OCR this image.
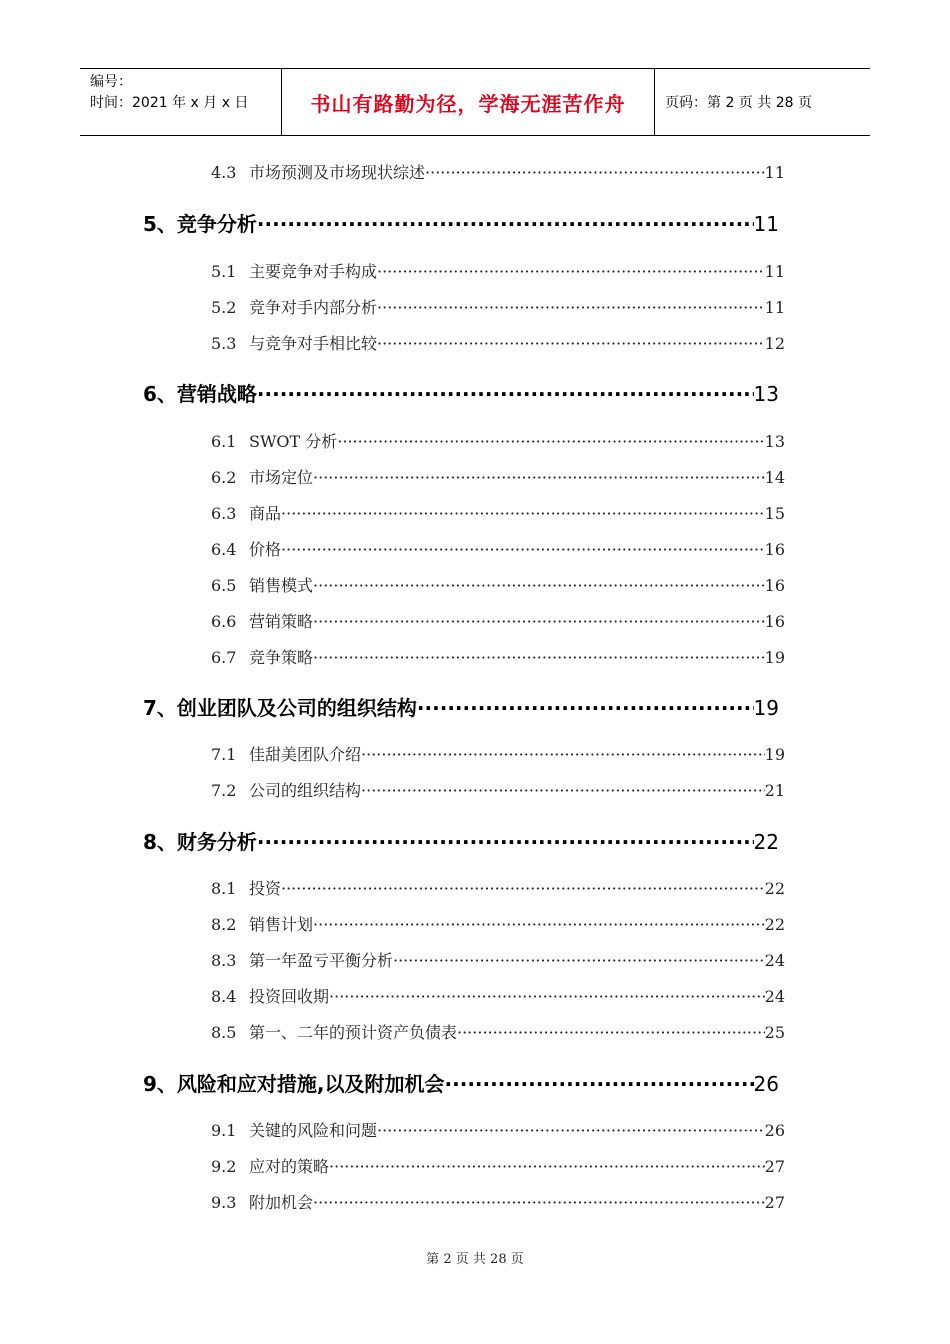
编号：
时间：2021 年 x 月 x 日	书山有路勤为径，学海无涯苦作舟	页码：第 2 页 共 28 页
4.3 市场预测及市场现状综述 ·····	11
5、 竞争分析 ·····	11
5.1 主要竞争对手构成 ·····	11
5.2 竞争对手内部分析 ·····	11
5.3 与竞争对手相比较 ·····	12
6、 营销战略 ·····	13
6.1 SWOT 分析 ·····	13
6.2 市场定位 ·····	14
6.3 商品 ·····	15
6.4 价格 ·····	16
6.5 销售模式 ·····	16
6.6 营销策略 ·····	16
6.7 竞争策略 ·····	19
7、 创业团队及公司的组织结构 ·····	19
7.1 佳甜美团队介绍 ·····	19
7.2 公司的组织结构 ·····	21
8、 财务分析 ·····	22
8.1 投资 ·····	22
8.2 销售计划 ·····	22
8.3 第一年盈亏平衡分析 ·····	24
8.4 投资回收期 ·····	24
8.5 第一、二年的预计资产负债表 ·····	25
9、 风险和应对措施,以及附加机会 ·····	26
9.1 关键的风险和问题 ·····	26
9.2 应对的策略 ·····	27
9.3 附加机会 ·····	27
第 2 页 共 28 页
